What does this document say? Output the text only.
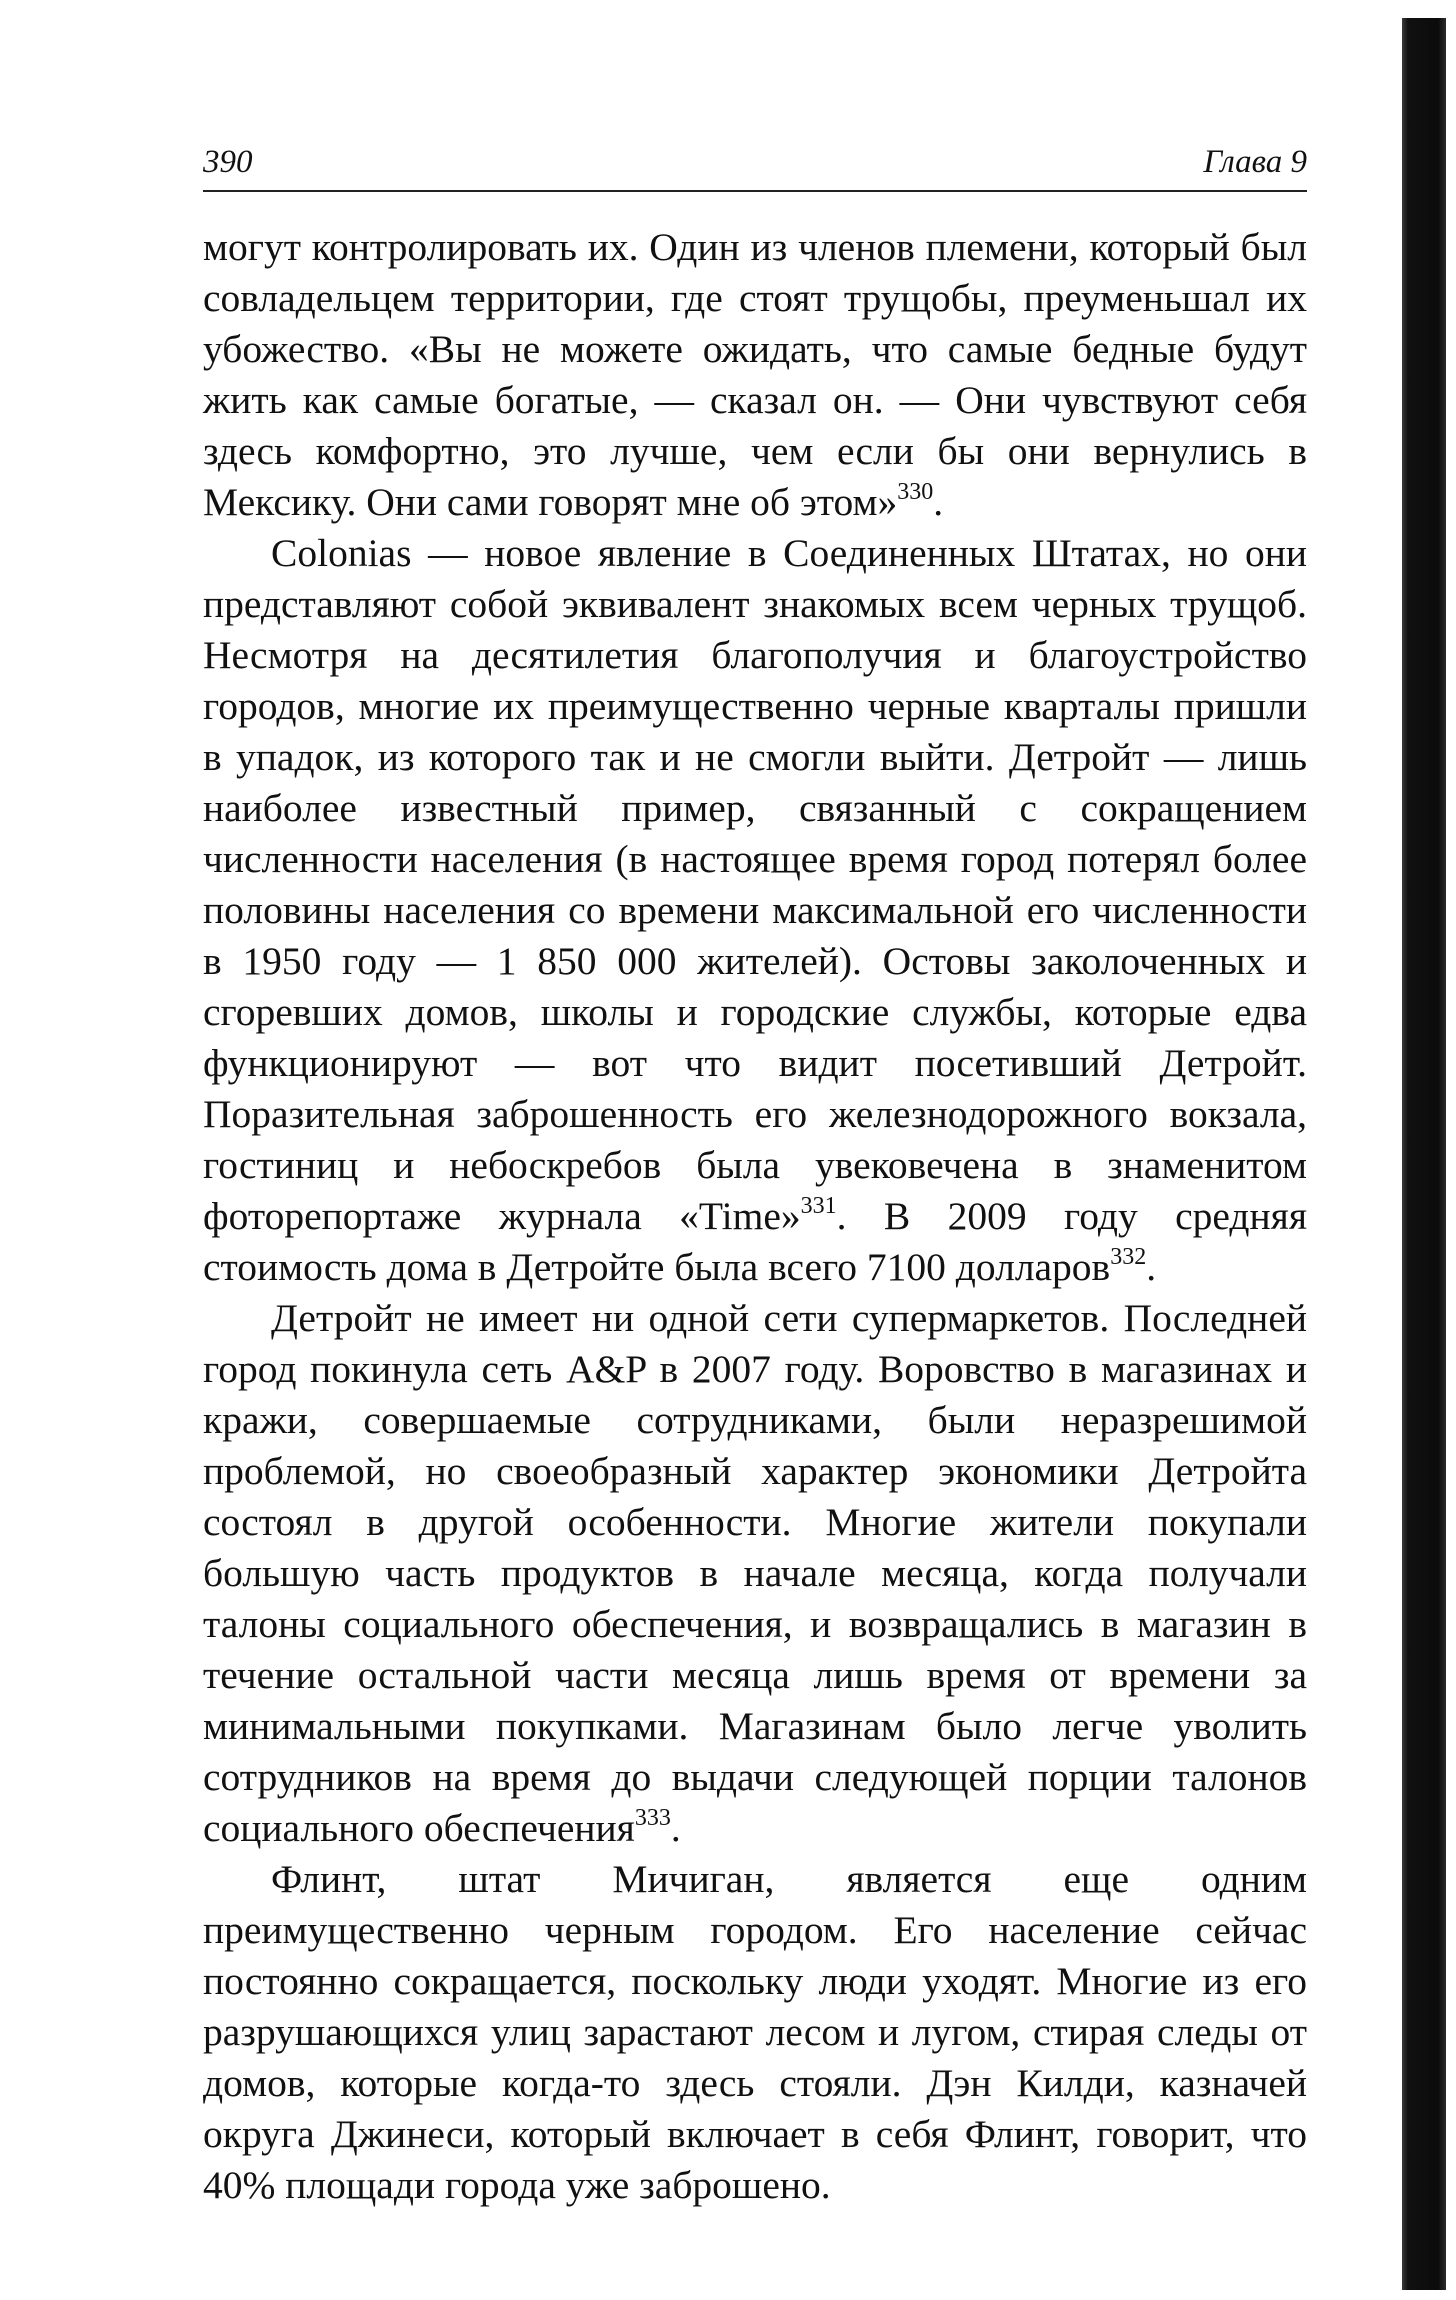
390	Глава 9

могут контролировать их. Один из членов племени, который был совладельцем территории, где стоят трущобы, преуменьшал их убожество. «Вы не можете ожидать, что самые бедные будут жить как самые богатые, — сказал он. — Они чувствуют себя здесь комфортно, это лучше, чем если бы они вернулись в Мексику. Они сами говорят мне об этом»$^{330}$.

Colonias — новое явление в Соединенных Штатах, но они представляют собой эквивалент знакомых всем черных трущоб. Несмотря на десятилетия благополучия и благоустройство городов, многие их преимущественно черные кварталы пришли в упадок, из которого так и не смогли выйти. Детройт — лишь наиболее известный пример, связанный с сокращением численности населения (в настоящее время город потерял более половины населения со времени максимальной его численности в 1950 году — 1 850 000 жителей). Остовы заколоченных и сгоревших домов, школы и городские службы, которые едва функционируют — вот что видит посетивший Детройт. Поразительная заброшенность его железнодорожного вокзала, гостиниц и небоскребов была увековечена в знаменитом фоторепортаже журнала «Time»$^{331}$. В 2009 году средняя стоимость дома в Детройте была всего 7100 долларов$^{332}$.

Детройт не имеет ни одной сети супермаркетов. Последней город покинула сеть A&P в 2007 году. Воровство в магазинах и кражи, совершаемые сотрудниками, были неразрешимой проблемой, но своеобразный характер экономики Детройта состоял в другой особенности. Многие жители покупали большую часть продуктов в начале месяца, когда получали талоны социального обеспечения, и возвращались в магазин в течение остальной части месяца лишь время от времени за минимальными покупками. Магазинам было легче уволить сотрудников на время до выдачи следующей порции талонов социального обеспечения$^{333}$.

Флинт, штат Мичиган, является еще одним преимущественно черным городом. Его население сейчас постоянно сокращается, поскольку люди уходят. Многие из его разрушающихся улиц зарастают лесом и лугом, стирая следы от домов, которые когда-то здесь стояли. Дэн Килди, казначей округа Джинеси, который включает в себя Флинт, говорит, что 40% площади города уже заброшено.
